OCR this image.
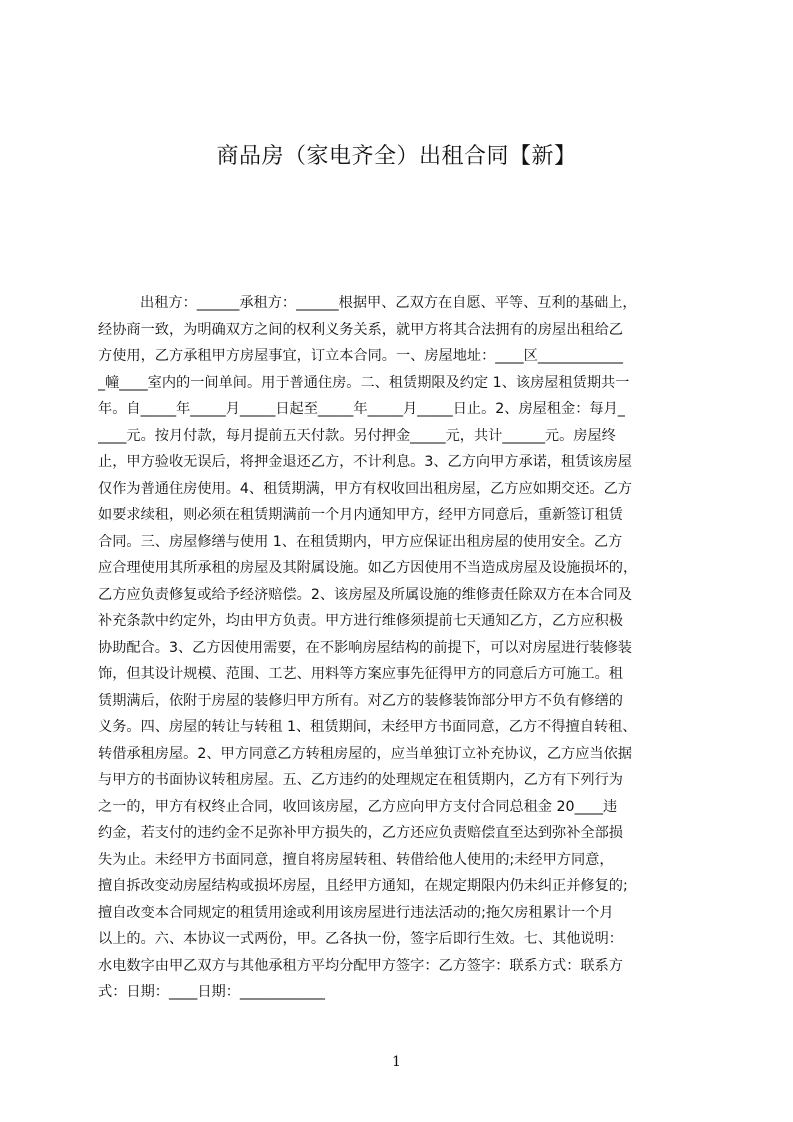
商品房（家电齐全）出租合同【新】
出租方：______承租方：______根据甲、乙双方在自愿、平等、互利的基础上，
经协商一致，为明确双方之间的权利义务关系，就甲方将其合法拥有的房屋出租给乙
方使用，乙方承租甲方房屋事宜，订立本合同。一、房屋地址：____区____________
_幢____室内的一间单间。用于普通住房。二、租赁期限及约定 1、该房屋租赁期共一
年。自_____年_____月_____日起至_____年_____月_____日止。2、房屋租金：每月_
____元。按月付款，每月提前五天付款。另付押金_____元，共计______元。房屋终
止，甲方验收无误后，将押金退还乙方，不计利息。3、乙方向甲方承诺，租赁该房屋
仅作为普通住房使用。4、租赁期满，甲方有权收回出租房屋，乙方应如期交还。乙方
如要求续租，则必须在租赁期满前一个月内通知甲方，经甲方同意后，重新签订租赁
合同。三、房屋修缮与使用 1、在租赁期内，甲方应保证出租房屋的使用安全。乙方
应合理使用其所承租的房屋及其附属设施。如乙方因使用不当造成房屋及设施损坏的，
乙方应负责修复或给予经济赔偿。2、该房屋及所属设施的维修责任除双方在本合同及
补充条款中约定外，均由甲方负责。甲方进行维修须提前七天通知乙方，乙方应积极
协助配合。3、乙方因使用需要，在不影响房屋结构的前提下，可以对房屋进行装修装
饰，但其设计规模、范围、工艺、用料等方案应事先征得甲方的同意后方可施工。租
赁期满后，依附于房屋的装修归甲方所有。对乙方的装修装饰部分甲方不负有修缮的
义务。四、房屋的转让与转租 1、租赁期间，未经甲方书面同意，乙方不得擅自转租、
转借承租房屋。2、甲方同意乙方转租房屋的，应当单独订立补充协议，乙方应当依据
与甲方的书面协议转租房屋。五、乙方违约的处理规定在租赁期内，乙方有下列行为
之一的，甲方有权终止合同，收回该房屋，乙方应向甲方支付合同总租金 20____违
约金，若支付的违约金不足弥补甲方损失的，乙方还应负责赔偿直至达到弥补全部损
失为止。未经甲方书面同意，擅自将房屋转租、转借给他人使用的;未经甲方同意，
擅自拆改变动房屋结构或损坏房屋，且经甲方通知，在规定期限内仍未纠正并修复的;
擅自改变本合同规定的租赁用途或利用该房屋进行违法活动的;拖欠房租累计一个月
以上的。六、本协议一式两份，甲。乙各执一份，签字后即行生效。七、其他说明：
水电数字由甲乙双方与其他承租方平均分配甲方签字：乙方签字：联系方式：联系方
式：日期：____日期：____________
1
